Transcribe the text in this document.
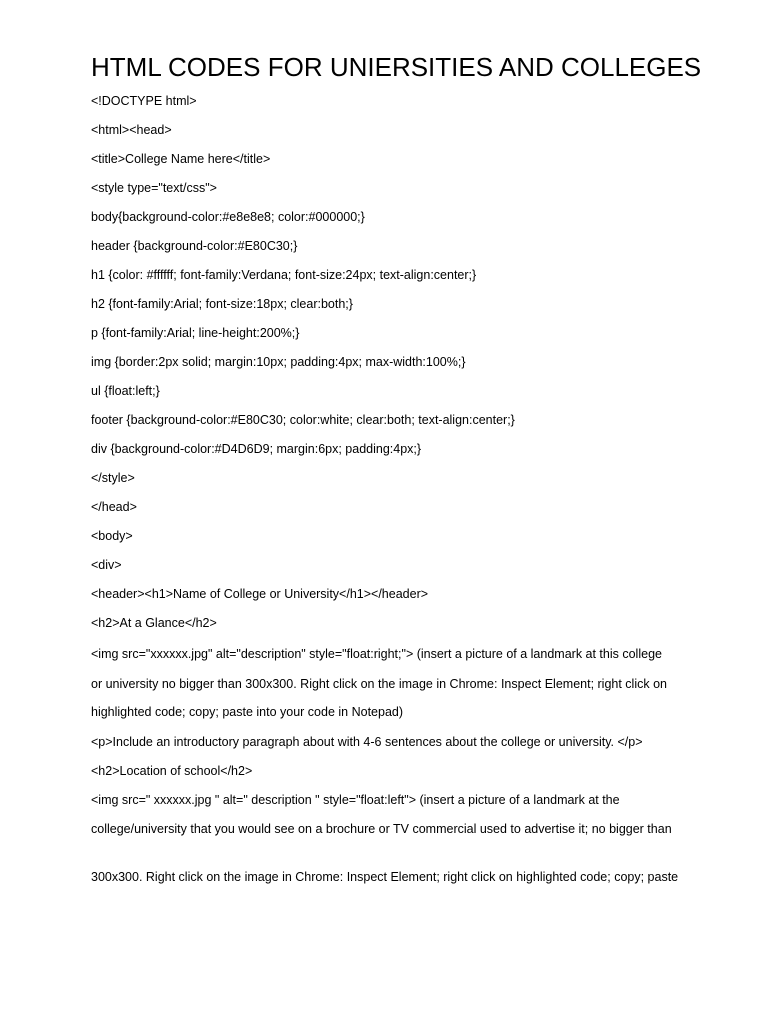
HTML CODES FOR UNIERSITIES AND COLLEGES
<!DOCTYPE html>
<html><head>
<title>College Name here</title>
<style type="text/css">
body{background-color:#e8e8e8; color:#000000;}
header {background-color:#E80C30;}
h1 {color: #ffffff; font-family:Verdana; font-size:24px; text-align:center;}
h2 {font-family:Arial; font-size:18px; clear:both;}
p {font-family:Arial; line-height:200%;}
img {border:2px solid; margin:10px; padding:4px; max-width:100%;}
ul {float:left;}
footer {background-color:#E80C30; color:white; clear:both; text-align:center;}
div {background-color:#D4D6D9; margin:6px; padding:4px;}
</style>
</head>
<body>
<div>
<header><h1>Name of College or University</h1></header>
<h2>At a Glance</h2>
<img src="xxxxxx.jpg" alt="description" style="float:right;"> (insert a picture of a landmark at this college
or university no bigger than 300x300. Right click on the image in Chrome: Inspect Element; right click on
highlighted code; copy; paste into your code in Notepad)
<p>Include an introductory paragraph about with 4-6 sentences about the college or university. </p>
<h2>Location of school</h2>
<img src=" xxxxxx.jpg " alt=" description " style="float:left"> (insert a picture of a landmark at the
college/university that you would see on a brochure or TV commercial used to advertise it; no bigger than
300x300. Right click on the image in Chrome: Inspect Element; right click on highlighted code; copy; paste
